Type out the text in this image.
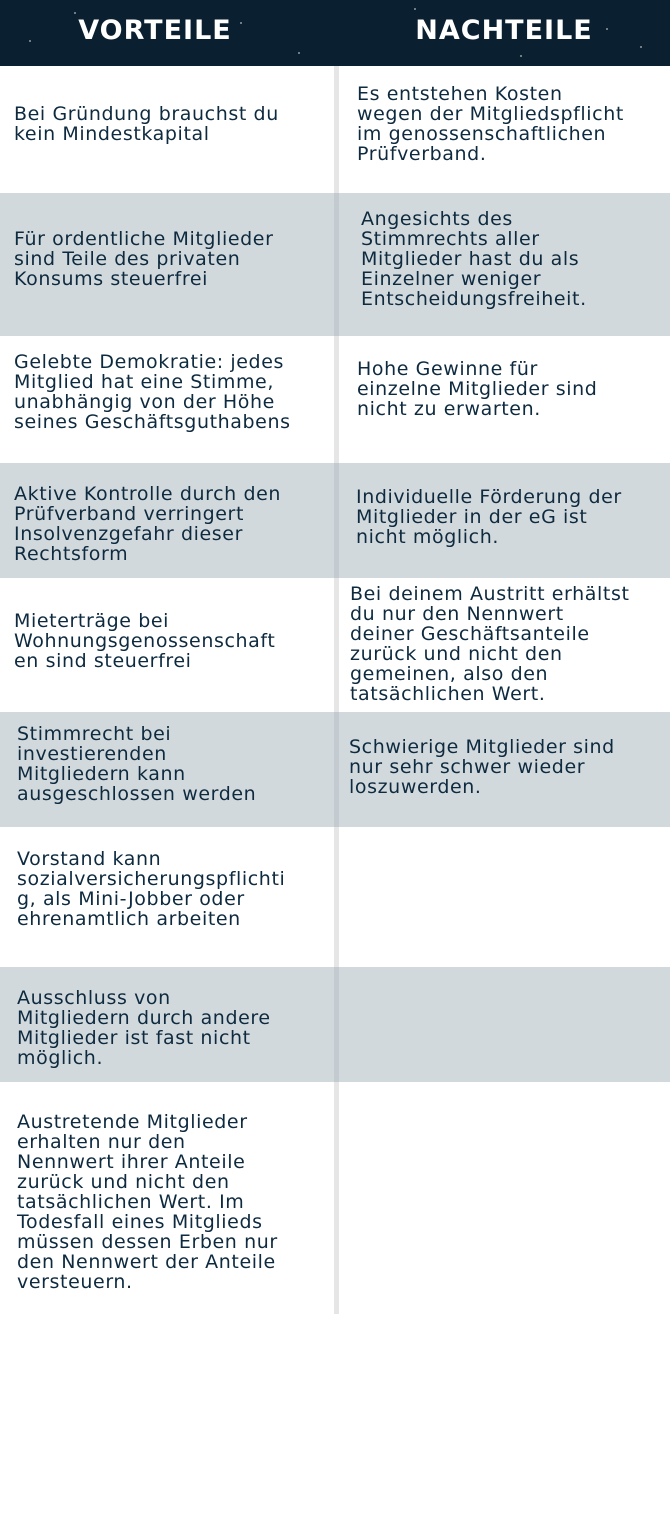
VORTEILE	NACHTEILE
Bei Gründung brauchst du
kein Mindestkapital
Es entstehen Kosten
wegen der Mitgliedspflicht
im genossenschaftlichen
Prüfverband.
Für ordentliche Mitglieder
sind Teile des privaten
Konsums steuerfrei
Angesichts des
Stimmrechts aller
Mitglieder hast du als
Einzelner weniger
Entscheidungsfreiheit.
Gelebte Demokratie: jedes
Mitglied hat eine Stimme,
unabhängig von der Höhe
seines Geschäftsguthabens
Hohe Gewinne für
einzelne Mitglieder sind
nicht zu erwarten.
Aktive Kontrolle durch den
Prüfverband verringert
Insolvenzgefahr dieser
Rechtsform
Individuelle Förderung der
Mitglieder in der eG ist
nicht möglich.
Mieterträge bei
Wohnungsgenossenschaft
en sind steuerfrei
Bei deinem Austritt erhältst
du nur den Nennwert
deiner Geschäftsanteile
zurück und nicht den
gemeinen, also den
tatsächlichen Wert.
Stimmrecht bei
investierenden
Mitgliedern kann
ausgeschlossen werden
Schwierige Mitglieder sind
nur sehr schwer wieder
loszuwerden.
Vorstand kann
sozialversicherungspflichti
g, als Mini-Jobber oder
ehrenamtlich arbeiten
Ausschluss von
Mitgliedern durch andere
Mitglieder ist fast nicht
möglich.
Austretende Mitglieder
erhalten nur den
Nennwert ihrer Anteile
zurück und nicht den
tatsächlichen Wert. Im
Todesfall eines Mitglieds
müssen dessen Erben nur
den Nennwert der Anteile
versteuern.
